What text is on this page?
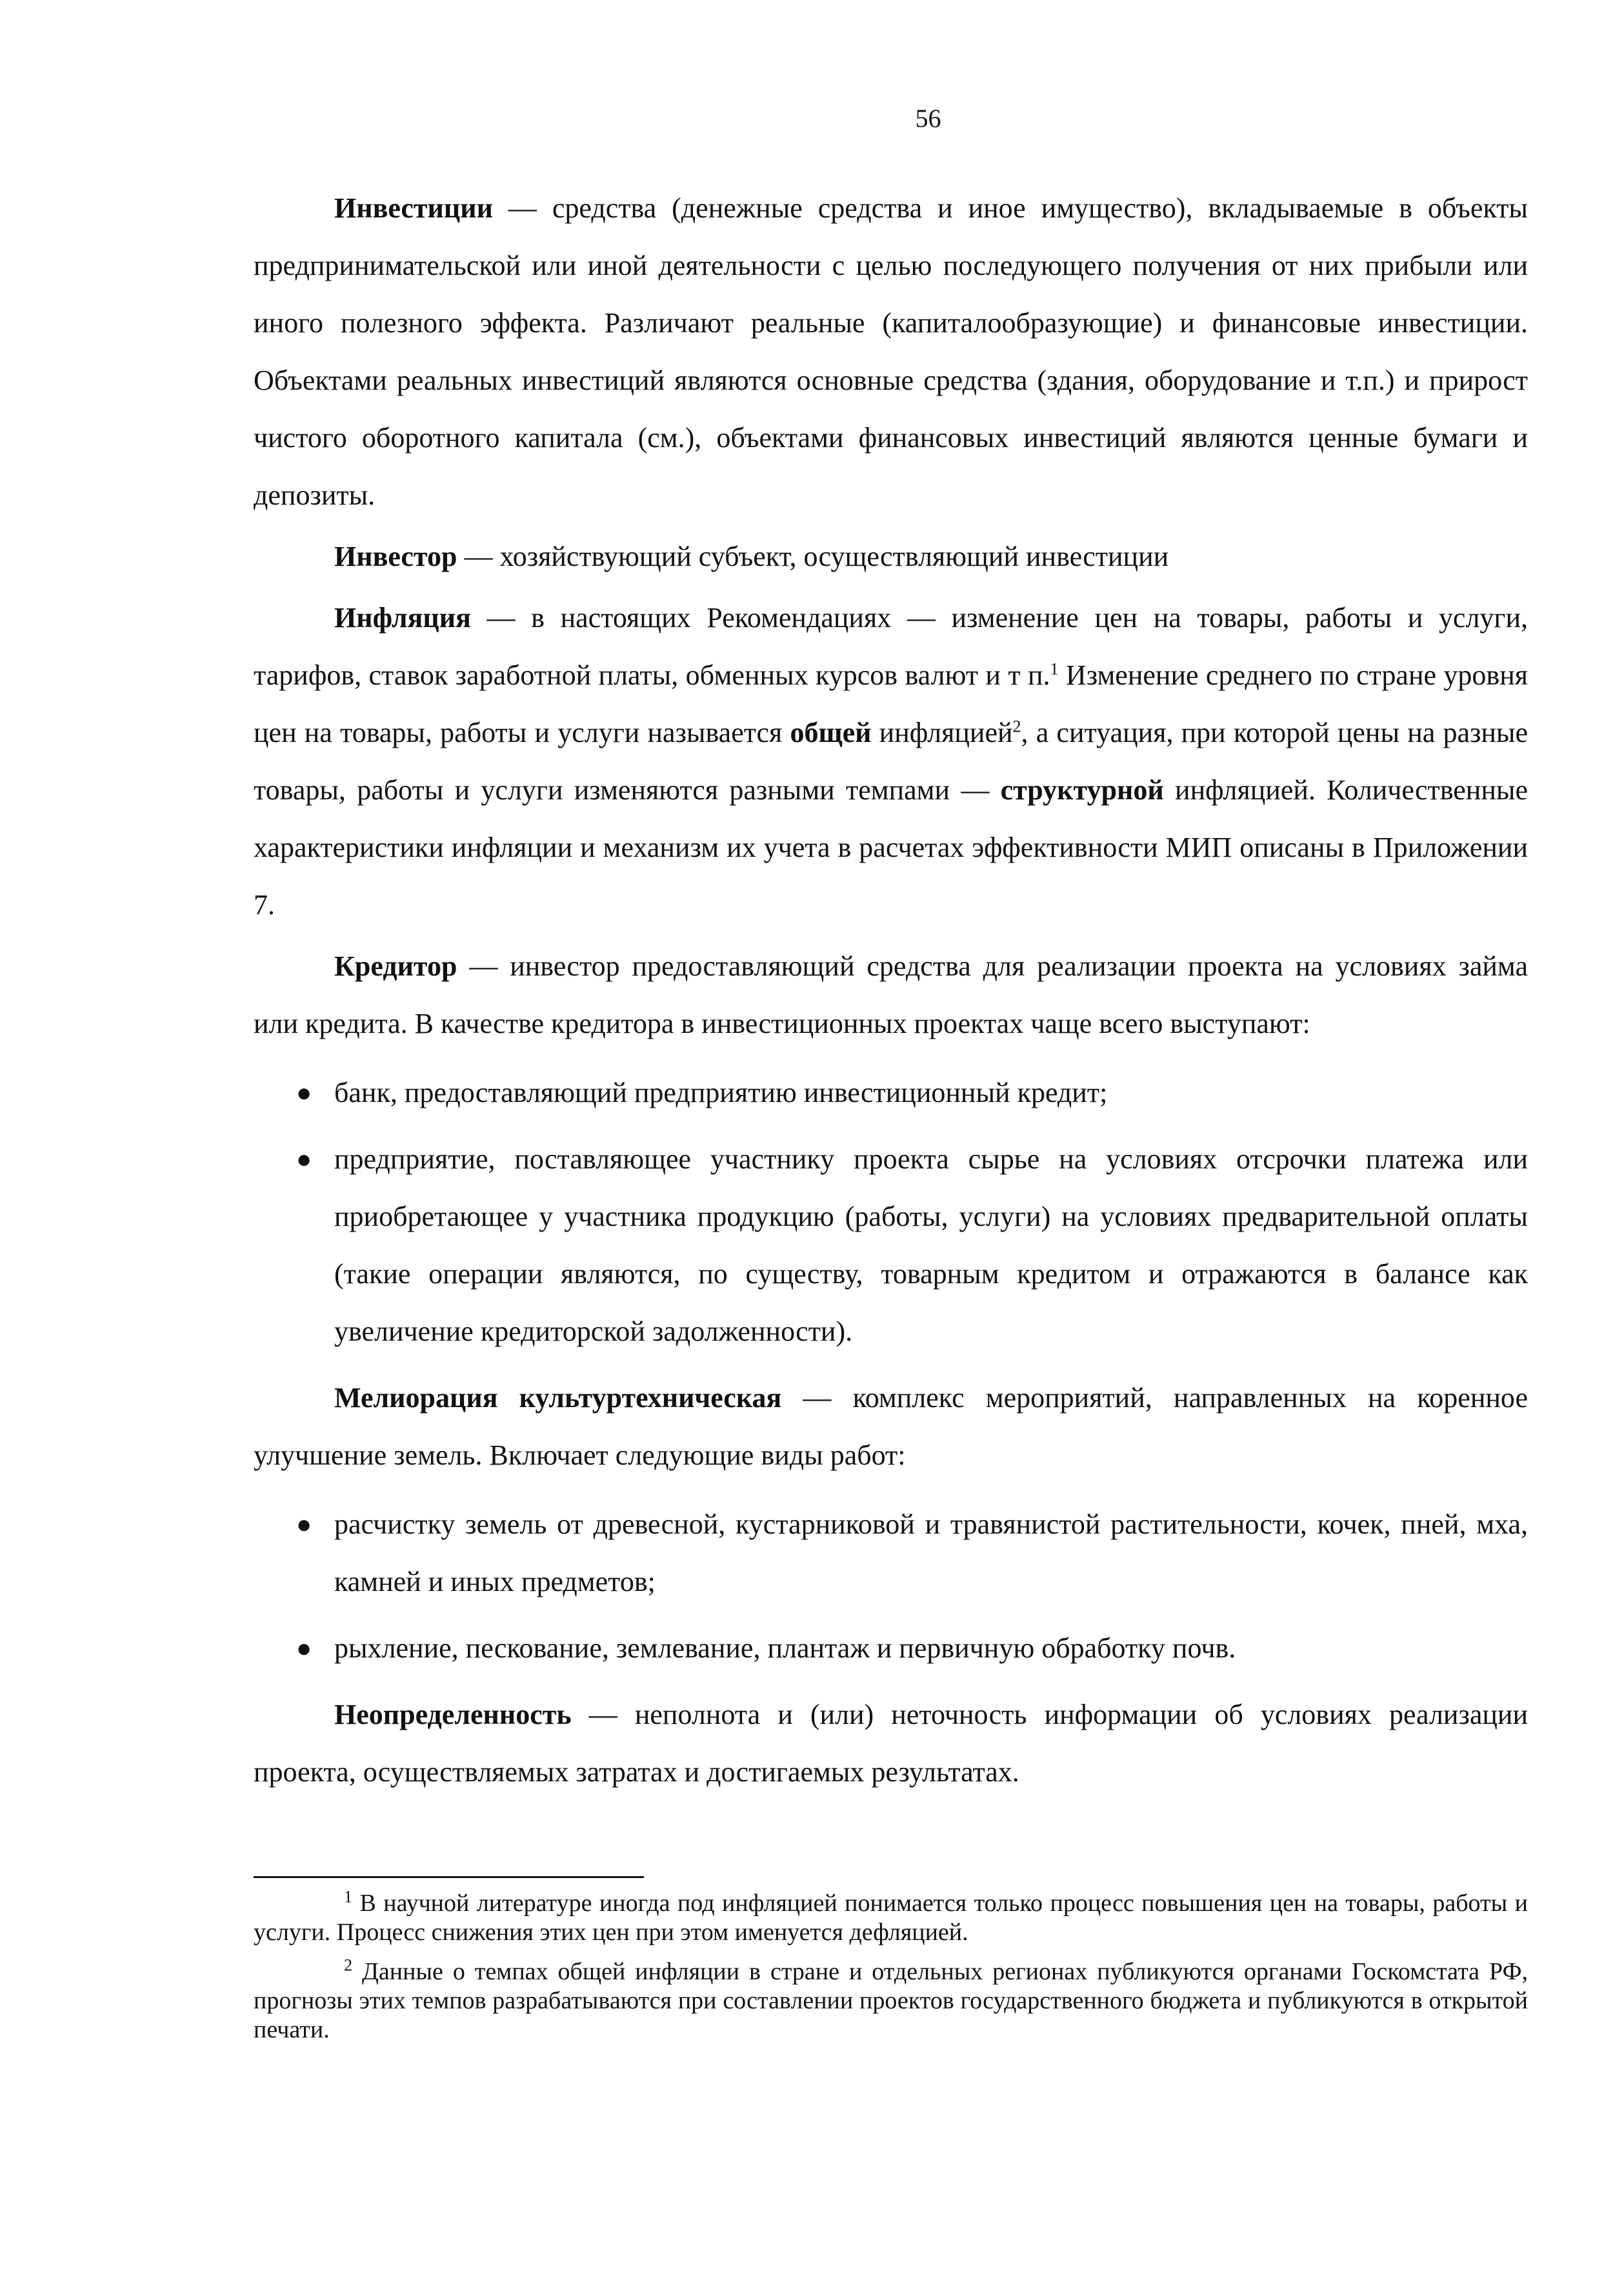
56

Инвестиции — средства (денежные средства и иное имущество), вкладываемые в объекты предпринимательской или иной деятельности с целью последующего получения от них прибыли или иного полезного эффекта. Различают реальные (капиталообразующие) и финансовые инвестиции. Объектами реальных инвестиций являются основные средства (здания, оборудование и т.п.) и прирост чистого оборотного капитала (см.), объектами финансовых инвестиций являются ценные бумаги и депозиты.

Инвестор — хозяйствующий субъект, осуществляющий инвестиции

Инфляция — в настоящих Рекомендациях — изменение цен на товары, работы и услуги, тарифов, ставок заработной платы, обменных курсов валют и т п.$^1$ Изменение среднего по стране уровня цен на товары, работы и услуги называется общей инфляцией$^2$, а ситуация, при которой цены на разные товары, работы и услуги изменяются разными темпами — структурной инфляцией. Количественные характеристики инфляции и механизм их учета в расчетах эффективности МИП описаны в Приложении 7.

Кредитор — инвестор предоставляющий средства для реализации проекта на условиях займа или кредита. В качестве кредитора в инвестиционных проектах чаще всего выступают:

● банк, предоставляющий предприятию инвестиционный кредит;
● предприятие, поставляющее участнику проекта сырье на условиях отсрочки платежа или приобретающее у участника продукцию (работы, услуги) на условиях предварительной оплаты (такие операции являются, по существу, товарным кредитом и отражаются в балансе как увеличение кредиторской задолженности).

Мелиорация культуртехническая — комплекс мероприятий, направленных на коренное улучшение земель. Включает следующие виды работ:

● расчистку земель от древесной, кустарниковой и травянистой растительности, кочек, пней, мха, камней и иных предметов;
● рыхление, пескование, землевание, плантаж и первичную обработку почв.

Неопределенность — неполнота и (или) неточность информации об условиях реализации проекта, осуществляемых затратах и достигаемых результатах.

$^1$ В научной литературе иногда под инфляцией понимается только процесс повышения цен на товары, работы и услуги. Процесс снижения этих цен при этом именуется дефляцией.

$^2$ Данные о темпах общей инфляции в стране и отдельных регионах публикуются органами Госкомстата РФ, прогнозы этих темпов разрабатываются при составлении проектов государственного бюджета и публикуются в открытой печати.
